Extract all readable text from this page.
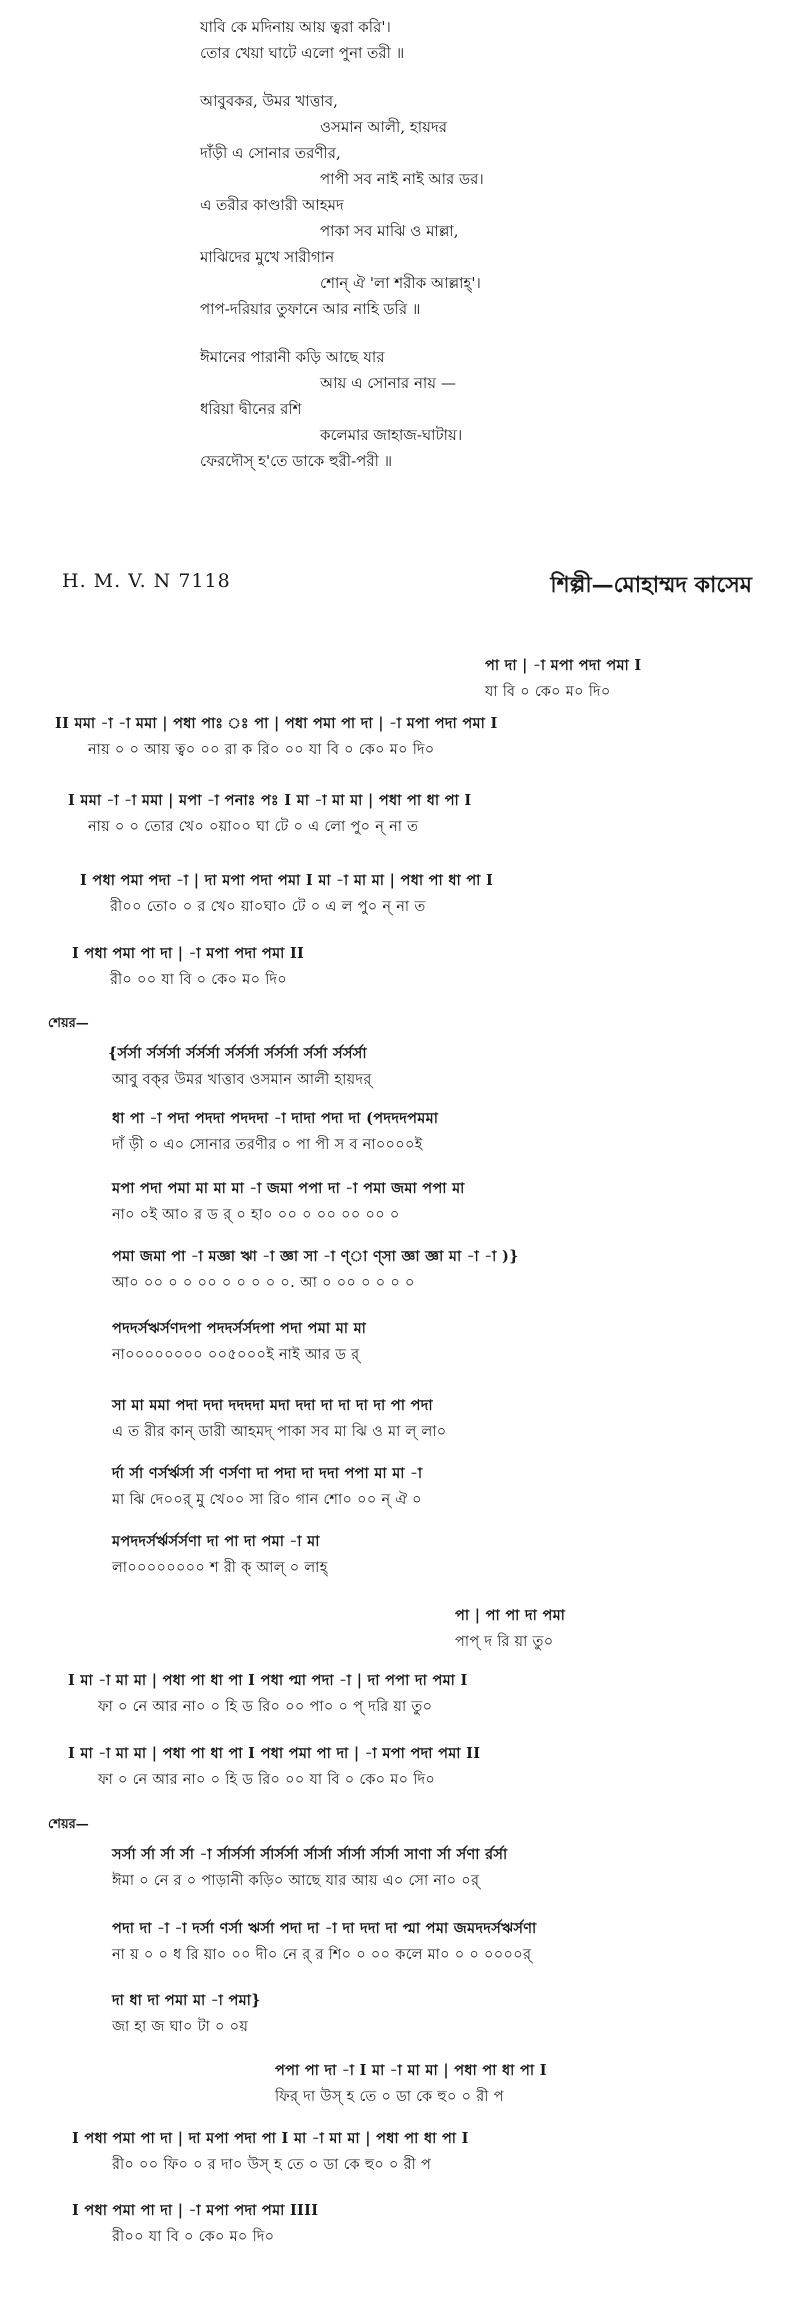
যাবি কে মদিনায় আয় ত্বরা করি'।
তোর খেয়া ঘাটে এলো পুনা তরী ॥
আবুবকর, উমর খাত্তাব,
ওসমান আলী, হায়দর
দাঁড়ী এ সোনার তরণীর,
পাপী সব নাই নাই আর ডর।
এ তরীর কাণ্ডারী আহমদ
পাকা সব মাঝি ও মাল্লা,
মাঝিদের মুখে সারীগান
শোন্‌ ঐ 'লা শরীক আল্লাহ্‌'।
পাপ-দরিয়ার তুফানে আর নাহি ডরি ॥
ঈমানের পারানী কড়ি আছে যার
আয় এ সোনার নায় —
ধরিয়া দ্বীনের রশি
কলেমার জাহাজ-ঘাটায়।
ফেরদৌস্‌ হ'তে ডাকে হুরী-পরী ॥
H. M. V. N 7118	শিল্পী—মোহাম্মদ কাসেম
পা দা | -া মপা পদা পমা I
যা বি ০ কে০ ম০ দি০
II মমা -া -া মমা | পধা পাঃ ঃ পা | পধা পমা পা দা | -া মপা পদা পমা I
নায় ০ ০ আয় ত্ব০ ০০ রা ক রি০ ০০ যা বি ০ কে০ ম০ দি০
I মমা -া -া মমা | মপা -া পনাঃ পঃ I মা -া মা মা | পধা পা ধা পা I
নায় ০ ০ তোর খে০ ০য়া০০ ঘা টে ০ এ লো পু০ ন্ না ত
I পধা পমা পদা -া | দা মপা পদা পমা I মা -া মা মা | পধা পা ধা পা I
রী০০ তো০ ০ র খে০ য়া০ঘা০ টে ০ এ ল পু০ ন্ না ত
I পধা পমা পা দা | -া মপা পদা পমা II
রী০ ০০ যা বি ০ কে০ ম০ দি০
শেয়র—
{র্সর্সা র্সর্সর্সা র্সর্সর্সা র্সর্সর্সা র্সর্সর্সা র্সর্সা র্সর্সর্সা
আবু বক্‌র উমর খাত্তাব ওসমান আলী হায়দর্‌
ধা পা -া পদা পদদা পদদদা -া দাদা পদা দা (পদদদপমমা
দাঁ ড়ী ০ এ০ সোনার তরণীর ০ পা পী স ব না০০০০ই
মপা পদা পমা মা মা মা -া জমা পপা দা -া পমা জমা পপা মা
না০ ০ই আ০ র ড র্‌ ০ হা০ ০০ ০ ০০ ০০ ০০ ০
পমা জমা পা -া মজ্ঞা ঋা -া জ্ঞা সা -া ণ্া ণ্সা জ্ঞা জ্ঞা মা -া -া )}
আ০ ০০ ০ ০ ০০ ০ ০ ০ ০ ০. আ ০ ০০ ০ ০ ০ ০
পদদর্সঋর্সণদপা পদদর্সর্সদপা পদা পমা মা মা
না০০০০০০০০ ০০৫০০০ই নাই আর ড র্‌
সা মা মমা পদা দদা দদদদা মদা দদা দা দা দা দা পা পদা
এ ত রীর কান্‌ ডারী আহমদ্‌ পাকা সব মা ঝি ও মা ল্‌ লা০
র্দা র্সা ণর্সর্ঋর্সা র্সা ণর্সণা দা পদা দা দদা পপা মা মা -া
মা ঝি দে০০র্‌ মু খে০০ সা রি০ গান শো০ ০০ ন্‌ ঐ ০
মপদদর্সর্ঋর্সর্সণা দা পা দা পমা -া মা
লা০০০০০০০০ শ রী ক্‌ আল্‌ ০ লাহ্‌
পা | পা পা দা পমা
পাপ্‌ দ রি য়া তু০
I মা -া মা মা | পধা পা ধা পা I পধা প্মা পদা -া | দা পপা দা পমা I
ফা ০ নে আর না০ ০ হি ড রি০ ০০ পা০ ০ প্‌ দরি য়া তু০
I মা -া মা মা | পধা পা ধা পা I পধা পমা পা দা | -া মপা পদা পমা II
ফা ০ নে আর না০ ০ হি ড রি০ ০০ যা বি ০ কে০ ম০ দি০
শেয়র—
সর্সা র্সা র্সা র্সা -া র্সার্সর্সা র্সার্সর্সা র্সার্সা র্সার্সা র্সার্সা সাণা র্সা র্সণা র্রর্সা
ঈমা ০ নে র ০ পাড়ানী কড়ি০ আছে যার আয় এ০ সো না০ ০র্‌
পদা দা -া -া দর্সা ণর্সা ঋর্সা পদা দা -া দা দদা দা প্মা পমা জমদদর্সঋর্সণা
না য় ০ ০ ধ রি য়া০ ০০ দী০ নে র্‌ র শি০ ০ ০০ কলে মা০ ০ ০ ০০০০র্‌
দা ধা দা পমা মা -া পমা}
জা হা জ ঘা০ টা ০ ০য়
পপা পা দা -া I মা -া মা মা | পধা পা ধা পা I
ফির্‌ দা উস্‌ হ তে ০ ডা কে হু০ ০ রী প
I পধা পমা পা দা | দা মপা পদা পা I মা -া মা মা | পধা পা ধা পা I
রী০ ০০ ফি০ ০ র দা০ উস্‌ হ তে ০ ডা কে হু০ ০ রী প
I পধা পমা পা দা | -া মপা পদা পমা IIII
রী০০ যা বি ০ কে০ ম০ দি০
